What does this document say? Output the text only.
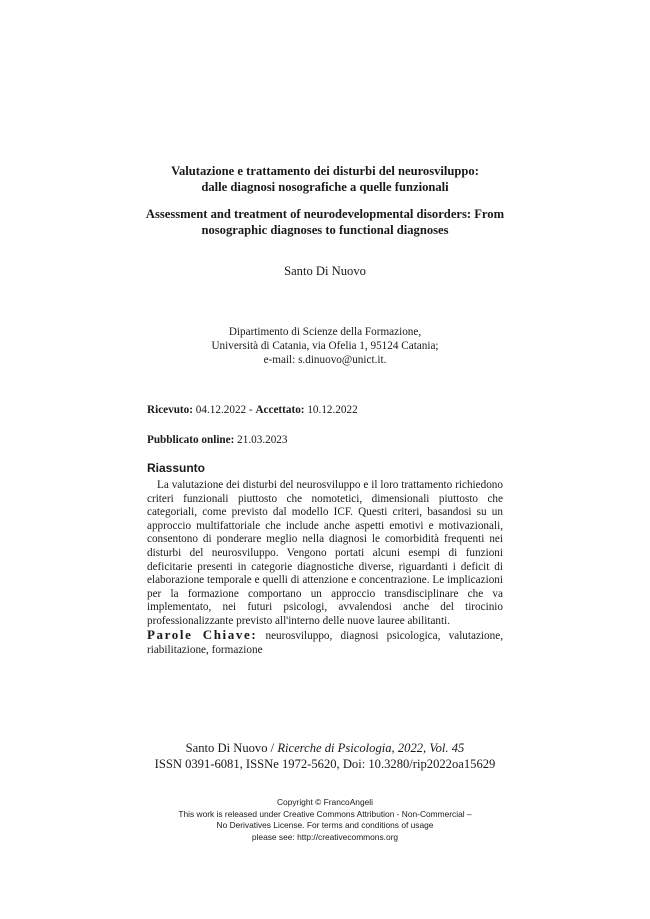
Valutazione e trattamento dei disturbi del neurosviluppo:
dalle diagnosi nosografiche a quelle funzionali
Assessment and treatment of neurodevelopmental disorders: From
nosographic diagnoses to functional diagnoses
Santo Di Nuovo
Dipartimento di Scienze della Formazione,
Università di Catania, via Ofelia 1, 95124 Catania;
e-mail: s.dinuovo@unict.it.
Ricevuto: 04.12.2022 - Accettato: 10.12.2022
Pubblicato online: 21.03.2023
Riassunto
La valutazione dei disturbi del neurosviluppo e il loro trattamento richiedono criteri funzionali piuttosto che nomotetici, dimensionali piuttosto che categoriali, come previsto dal modello ICF. Questi criteri, basandosi su un approccio multifattoriale che include anche aspetti emotivi e motivazionali, consentono di ponderare meglio nella diagnosi le comorbidità frequenti nei disturbi del neurosviluppo. Vengono portati alcuni esempi di funzioni deficitarie presenti in categorie diagnostiche diverse, riguardanti i deficit di elaborazione temporale e quelli di attenzione e concentrazione. Le implicazioni per la formazione comportano un approccio transdisciplinare che va implementato, nei futuri psicologi, avvalendosi anche del tirocinio professionalizzante previsto all'interno delle nuove lauree abilitanti.
Parole Chiave: neurosviluppo, diagnosi psicologica, valutazione, riabilitazione, formazione
Santo Di Nuovo / Ricerche di Psicologia, 2022, Vol. 45
ISSN 0391-6081, ISSNe 1972-5620, Doi: 10.3280/rip2022oa15629
Copyright © FrancoAngeli
This work is released under Creative Commons Attribution - Non-Commercial –
No Derivatives License. For terms and conditions of usage
please see: http://creativecommons.org
